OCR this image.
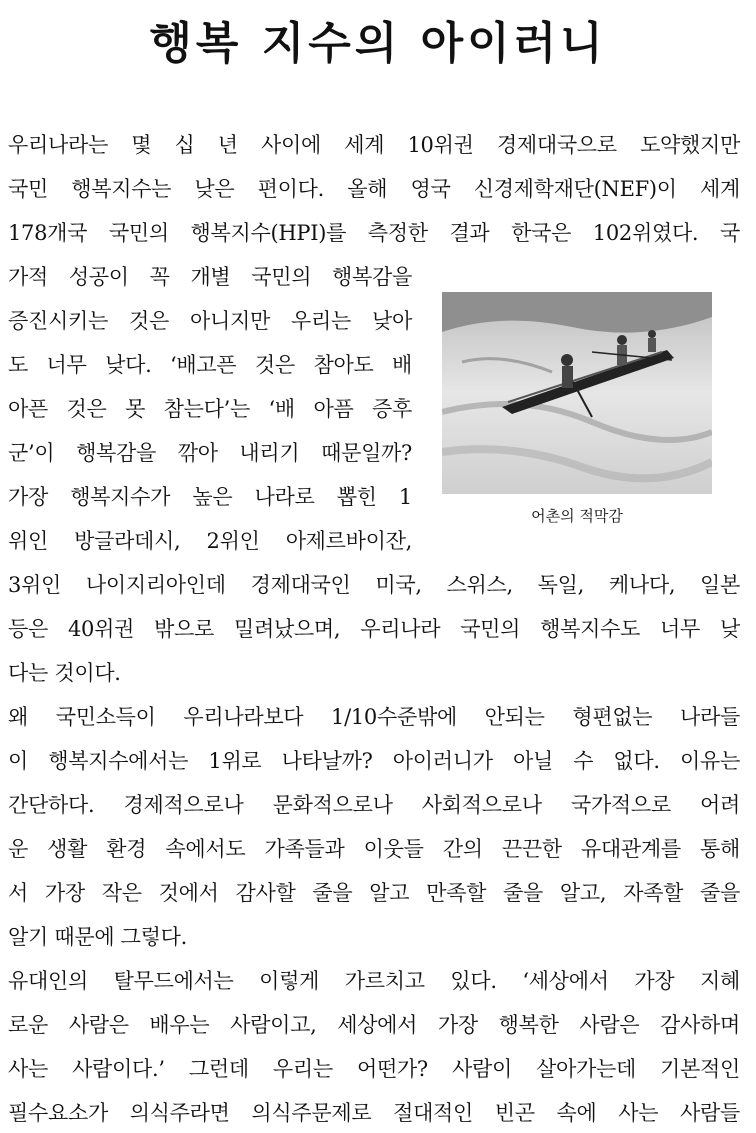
행복 지수의 아이러니
우리나라는 몇 십 년 사이에 세계 10위권 경제대국으로 도약했지만
국민 행복지수는 낮은 편이다. 올해 영국 신경제학재단(NEF)이 세계
178개국 국민의 행복지수(HPI)를 측정한 결과 한국은 102위였다. 국
가적 성공이 꼭 개별 국민의 행복감을
증진시키는 것은 아니지만 우리는 낮아
도 너무 낮다. ‘배고픈 것은 참아도 배
아픈 것은 못 참는다’는 ‘배 아픔 증후
군’이 행복감을 깎아 내리기 때문일까?
가장 행복지수가 높은 나라로 뽑힌 1
위인 방글라데시, 2위인 아제르바이잔,
3위인 나이지리아인데 경제대국인 미국, 스위스, 독일, 케나다, 일본
등은 40위권 밖으로 밀려났으며, 우리나라 국민의 행복지수도 너무 낮
다는 것이다.
왜 국민소득이 우리나라보다 1/10수준밖에 안되는 형편없는 나라들
이 행복지수에서는 1위로 나타날까? 아이러니가 아닐 수 없다. 이유는
간단하다. 경제적으로나 문화적으로나 사회적으로나 국가적으로 어려
운 생활 환경 속에서도 가족들과 이웃들 간의 끈끈한 유대관계를 통해
서 가장 작은 것에서 감사할 줄을 알고 만족할 줄을 알고, 자족할 줄을
알기 때문에 그렇다.
유대인의 탈무드에서는 이렇게 가르치고 있다. ‘세상에서 가장 지혜
로운 사람은 배우는 사람이고, 세상에서 가장 행복한 사람은 감사하며
사는 사람이다.’ 그런데 우리는 어떤가? 사람이 살아가는데 기본적인
필수요소가 의식주라면 의식주문제로 절대적인 빈곤 속에 사는 사람들
어촌의 적막감
